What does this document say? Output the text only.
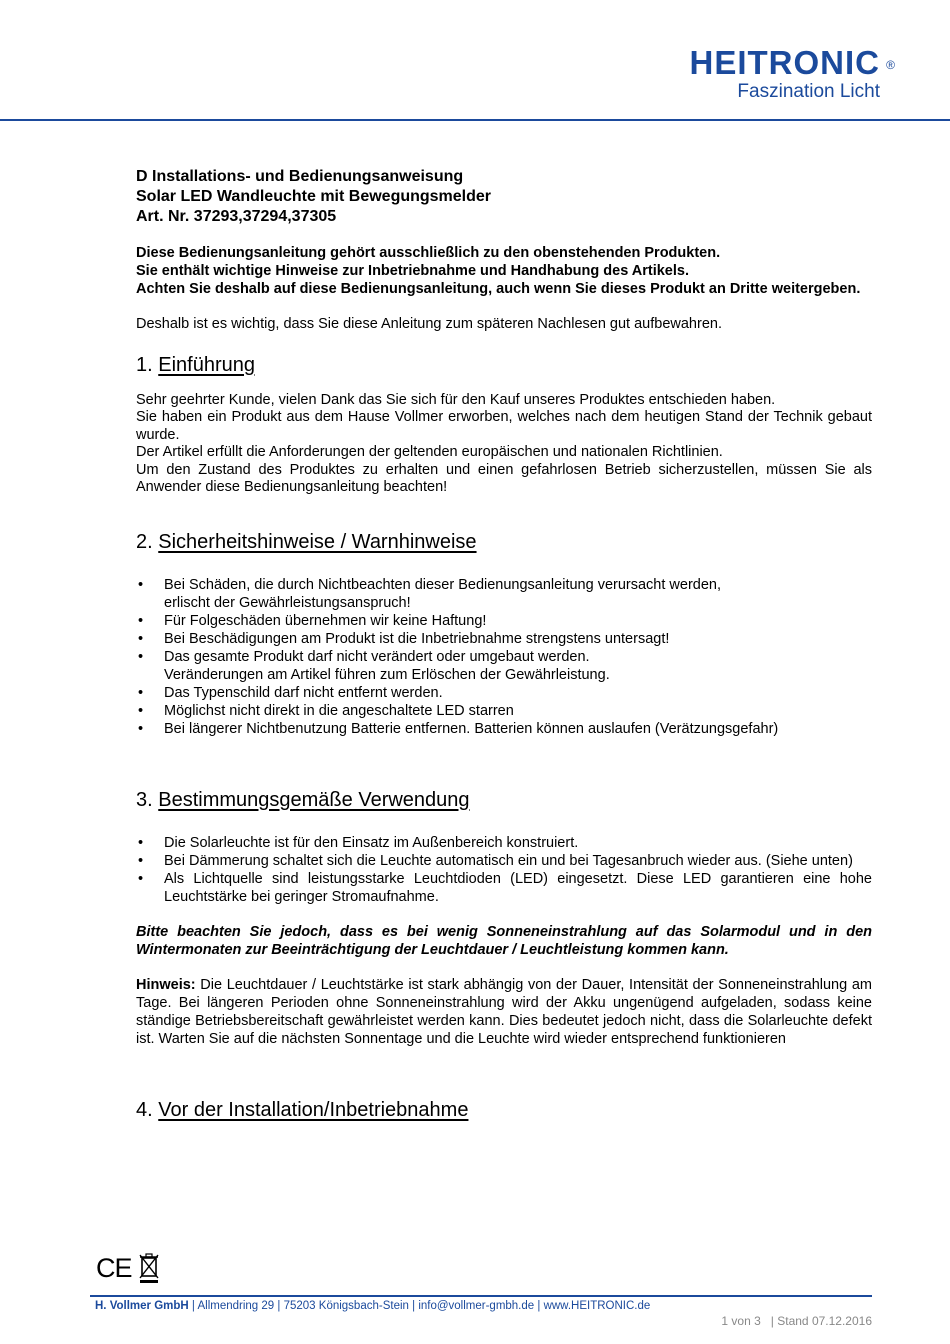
HEITRONIC ®
Faszination Licht
D Installations- und Bedienungsanweisung
Solar LED Wandleuchte mit Bewegungsmelder
Art. Nr. 37293,37294,37305
Diese Bedienungsanleitung gehört ausschließlich zu den obenstehenden Produkten.
Sie enthält wichtige Hinweise zur Inbetriebnahme und Handhabung des Artikels.
Achten Sie deshalb auf diese Bedienungsanleitung, auch wenn Sie dieses Produkt an Dritte weitergeben.
Deshalb ist es wichtig, dass Sie diese Anleitung zum späteren Nachlesen gut aufbewahren.
1. Einführung
Sehr geehrter Kunde, vielen Dank das Sie sich für den Kauf unseres Produktes entschieden haben.
Sie haben ein Produkt aus dem Hause Vollmer erworben, welches nach dem heutigen Stand der Technik gebaut wurde.
Der Artikel erfüllt die Anforderungen der geltenden europäischen und nationalen Richtlinien.
Um den Zustand des Produktes zu erhalten und einen gefahrlosen Betrieb sicherzustellen, müssen Sie als Anwender diese Bedienungsanleitung beachten!
2. Sicherheitshinweise / Warnhinweise
• Bei Schäden, die durch Nichtbeachten dieser Bedienungsanleitung verursacht werden,
erlischt der Gewährleistungsanspruch!
• Für Folgeschäden übernehmen wir keine Haftung!
• Bei Beschädigungen am Produkt ist die Inbetriebnahme strengstens untersagt!
• Das gesamte Produkt darf nicht verändert oder umgebaut werden.
Veränderungen am Artikel führen zum Erlöschen der Gewährleistung.
• Das Typenschild darf nicht entfernt werden.
• Möglichst nicht direkt in die angeschaltete LED starren
• Bei längerer Nichtbenutzung Batterie entfernen. Batterien können auslaufen (Verätzungsgefahr)
3. Bestimmungsgemäße Verwendung
• Die Solarleuchte ist für den Einsatz im Außenbereich konstruiert.
• Bei Dämmerung schaltet sich die Leuchte automatisch ein und bei Tagesanbruch wieder aus. (Siehe unten)
• Als Lichtquelle sind leistungsstarke Leuchtdioden (LED) eingesetzt. Diese LED garantieren eine hohe Leuchtstärke bei geringer Stromaufnahme.
Bitte beachten Sie jedoch, dass es bei wenig Sonneneinstrahlung auf das Solarmodul und in den Wintermonaten zur Beeinträchtigung der Leuchtdauer / Leuchtleistung kommen kann.
Hinweis: Die Leuchtdauer / Leuchtstärke ist stark abhängig von der Dauer, Intensität der Sonneneinstrahlung am Tage. Bei längeren Perioden ohne Sonneneinstrahlung wird der Akku ungenügend aufgeladen, sodass keine ständige Betriebsbereitschaft gewährleistet werden kann. Dies bedeutet jedoch nicht, dass die Solarleuchte defekt ist. Warten Sie auf die nächsten Sonnentage und die Leuchte wird wieder entsprechend funktionieren
4. Vor der Installation/Inbetriebnahme
CE
H. Vollmer GmbH | Allmendring 29 | 75203 Königsbach-Stein | info@vollmer-gmbh.de | www.HEITRONIC.de
1 von 3 | Stand 07.12.2016
